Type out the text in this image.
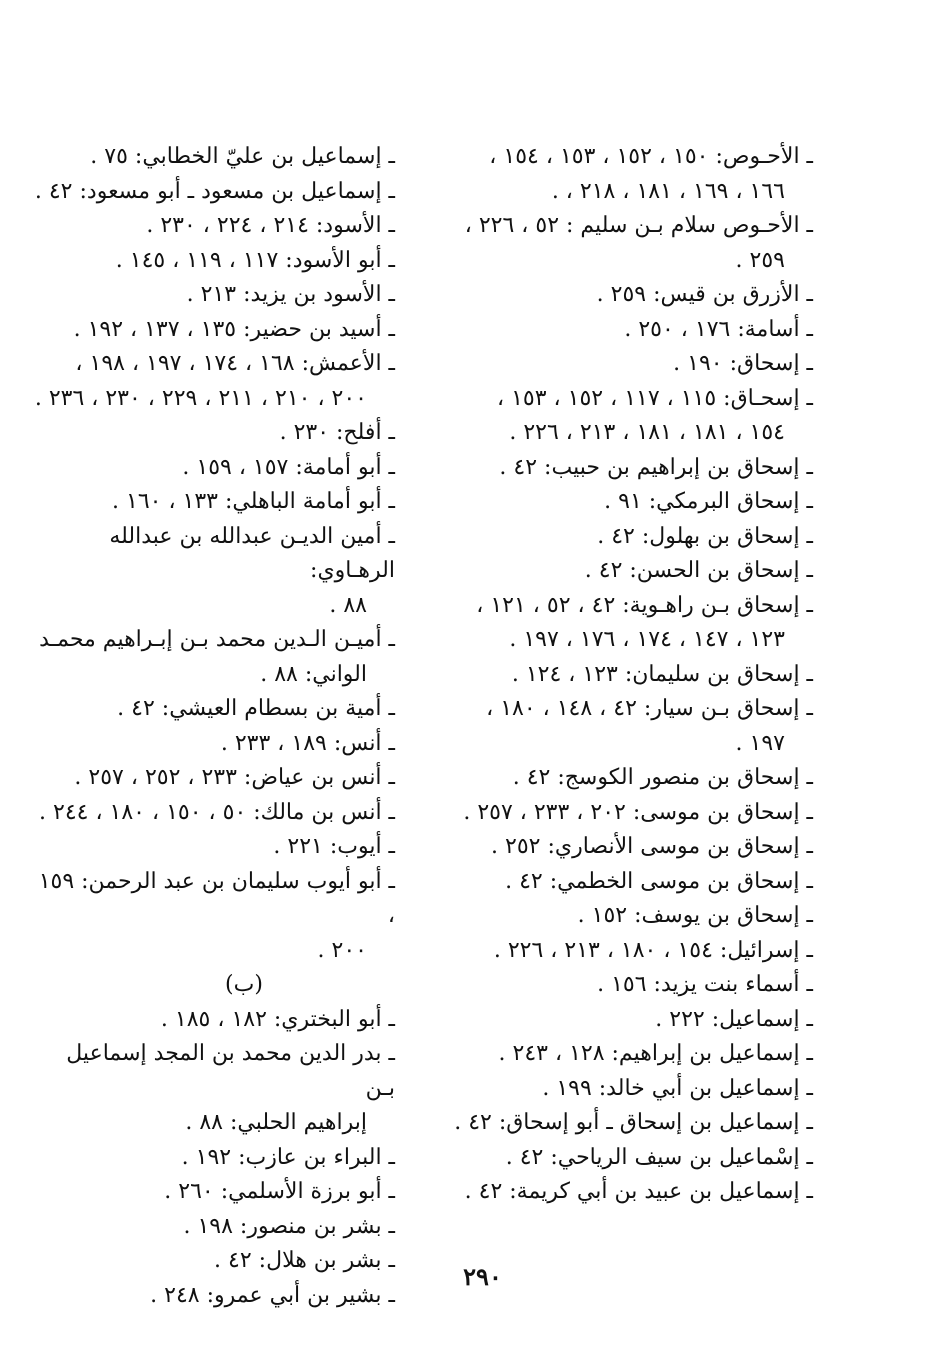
ـ الأحـوص: ١٥٠ ، ١٥٢ ، ١٥٣ ، ١٥٤ ،
١٦٦ ، ١٦٩ ، ١٨١ ، ٢١٨ ، .
ـ الأحـوص سلام بـن سليم : ٥٢ ، ٢٢٦ ،
٢٥٩ .
ـ الأزرق بن قيس: ٢٥٩ .
ـ أسامة: ١٧٦ ، ٢٥٠ .
ـ إسحاق: ١٩٠ .
ـ إسحـاق: ١١٥ ، ١١٧ ، ١٥٢ ، ١٥٣ ،
١٥٤ ، ١٨١ ، ١٨١ ، ٢١٣ ، ٢٢٦ .
ـ إسحاق بن إبراهيم بن حبيب: ٤٢ .
ـ إسحاق البرمكي: ٩١ .
ـ إسحاق بن بهلول: ٤٢ .
ـ إسحاق بن الحسن: ٤٢ .
ـ إسحاق بـن راهـوية: ٤٢ ، ٥٢ ، ١٢١ ،
١٢٣ ، ١٤٧ ، ١٧٤ ، ١٧٦ ، ١٩٧ .
ـ إسحاق بن سليمان: ١٢٣ ، ١٢٤ .
ـ إسحاق بـن سيار: ٤٢ ، ١٤٨ ، ١٨٠ ،
١٩٧ .
ـ إسحاق بن منصور الكوسج: ٤٢ .
ـ إسحاق بن موسى: ٢٠٢ ، ٢٣٣ ، ٢٥٧ .
ـ إسحاق بن موسى الأنصاري: ٢٥٢ .
ـ إسحاق بن موسى الخطمي: ٤٢ .
ـ إسحاق بن يوسف: ١٥٢ .
ـ إسرائيل: ١٥٤ ، ١٨٠ ، ٢١٣ ، ٢٢٦ .
ـ أسماء بنت يزيد: ١٥٦ .
ـ إسماعيل: ٢٢٢ .
ـ إسماعيل بن إبراهيم: ١٢٨ ، ٢٤٣ .
ـ إسماعيل بن أبي خالد: ١٩٩ .
ـ إسماعيل بن إسحاق ـ أبو إسحاق: ٤٢ .
ـ إسْماعيل بن سيف الرياحي: ٤٢ .
ـ إسماعيل بن عبيد بن أبي كريمة: ٤٢ .
ـ إسماعيل بن عليّ الخطابي: ٧٥ .
ـ إسماعيل بن مسعود ـ أبو مسعود: ٤٢ .
ـ الأسود: ٢١٤ ، ٢٢٤ ، ٢٣٠ .
ـ أبو الأسود: ١١٧ ، ١١٩ ، ١٤٥ .
ـ الأسود بن يزيد: ٢١٣ .
ـ أسيد بن حضير: ١٣٥ ، ١٣٧ ، ١٩٢ .
ـ الأعمش: ١٦٨ ، ١٧٤ ، ١٩٧ ، ١٩٨ ،
٢٠٠ ، ٢١٠ ، ٢١١ ، ٢٢٩ ، ٢٣٠ ، ٢٣٦ .
ـ أفلح: ٢٣٠ .
ـ أبو أمامة: ١٥٧ ، ١٥٩ .
ـ أبو أمامة الباهلي: ١٣٣ ، ١٦٠ .
ـ أمين الديـن عبدالله بن عبدالله الرهـاوي:
٨٨ .
ـ أميـن الـدين محمد بـن إبـراهيم محمـد
الواني: ٨٨ .
ـ أمية بن بسطام العيشي: ٤٢ .
ـ أنس: ١٨٩ ، ٢٣٣ .
ـ أنس بن عياض: ٢٣٣ ، ٢٥٢ ، ٢٥٧ .
ـ أنس بن مالك: ٥٠ ، ١٥٠ ، ١٨٠ ، ٢٤٤ .
ـ أيوب: ٢٢١ .
ـ أبو أيوب سليمان بن عبد الرحمن: ١٥٩ ،
٢٠٠ .
(ب)
ـ أبو البختري: ١٨٢ ، ١٨٥ .
ـ بدر الدين محمد بن المجد إسماعيل بـن
إبراهيم الحلبي: ٨٨ .
ـ البراء بن عازب: ١٩٢ .
ـ أبو برزة الأسلمي: ٢٦٠ .
ـ بشر بن منصور: ١٩٨ .
ـ بشر بن هلال: ٤٢ .
ـ بشير بن أبي عمرو: ٢٤٨ .
٢٩٠
